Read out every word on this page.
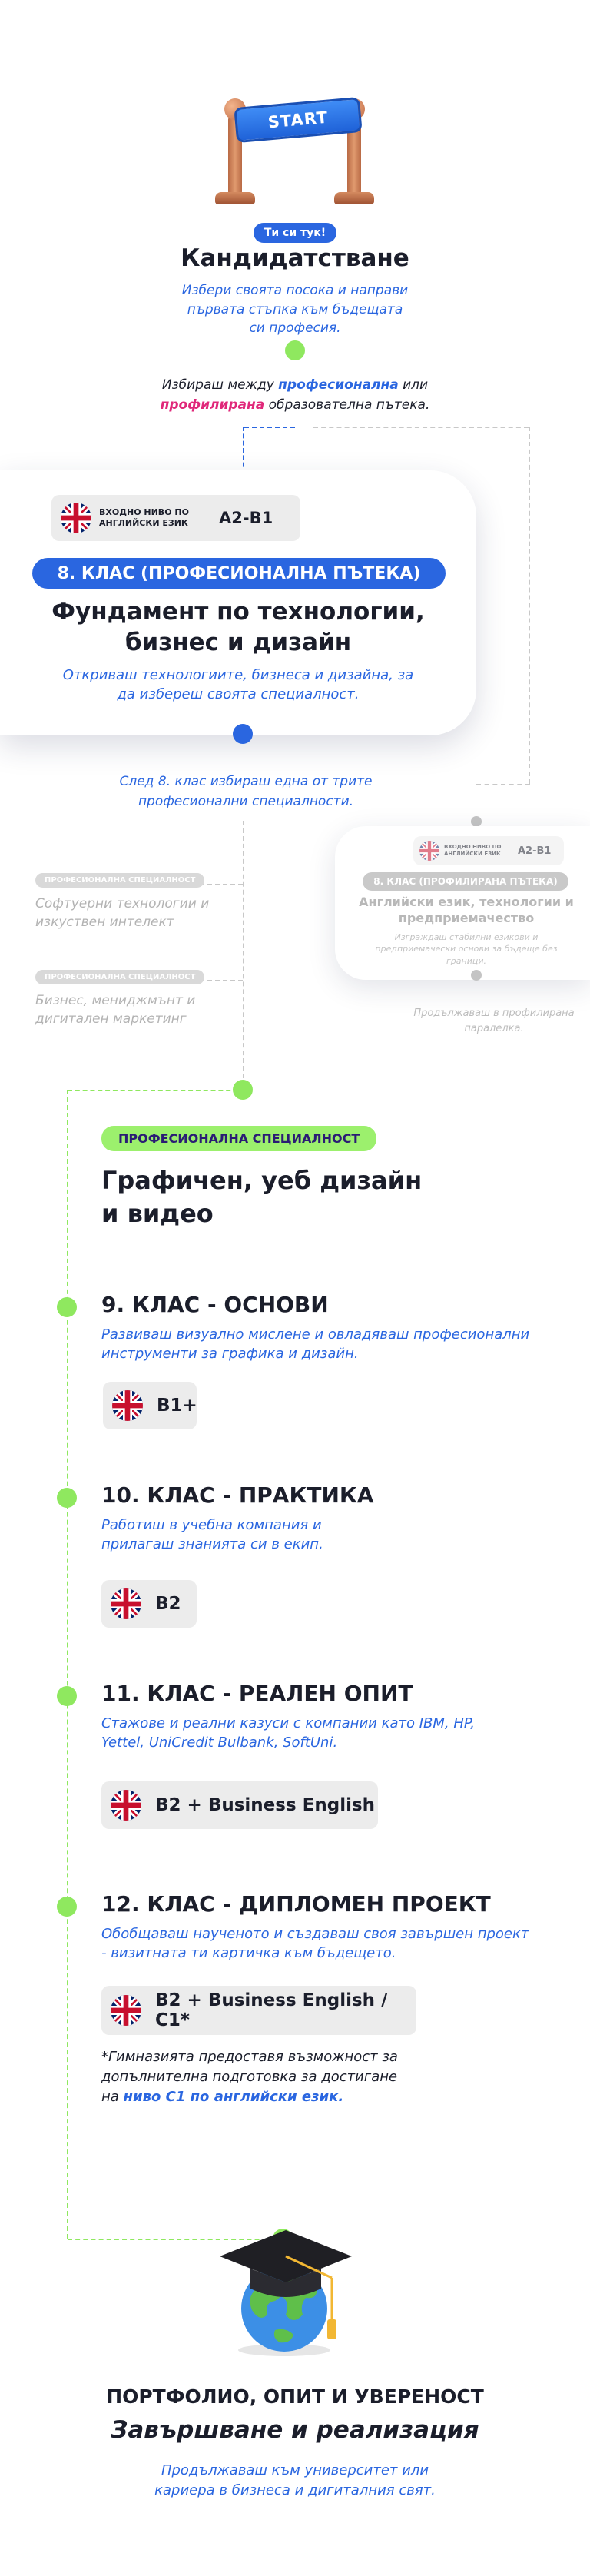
START
Ти си тук!
Кандидатстване
Избери своята посока и направи първата стъпка към бъдещата си професия.
Избираш между професионална или профилирана образователна пътека.
ВХОДНО НИВО ПО АНГЛИЙСКИ ЕЗИК	A2-B1
8. КЛАС (ПРОФЕСИОНАЛНА ПЪТЕКА)
Фундамент по технологии, бизнес и дизайн
Откриваш технологиите, бизнеса и дизайна, за да избереш своята специалност.
След 8. клас избираш една от трите професионални специалности.
ПРОФЕСИОНАЛНА СПЕЦИАЛНОСТ
Софтуерни технологии и изкуствен интелект
ПРОФЕСИОНАЛНА СПЕЦИАЛНОСТ
Бизнес, мениджмънт и дигитален маркетинг
ВХОДНО НИВО ПО АНГЛИЙСКИ ЕЗИК	A2-B1
8. КЛАС (ПРОФИЛИРАНА ПЪТЕКА)
Английски език, технологии и предприемачество
Изграждаш стабилни езикови и предприемачески основи за бъдеще без граници.
Продължаваш в профилирана паралелка.
ПРОФЕСИОНАЛНА СПЕЦИАЛНОСТ
Графичен, уеб дизайн и видео
9. КЛАС - ОСНОВИ
Развиваш визуално мислене и овладяваш професионални инструменти за графика и дизайн.
B1+
10. КЛАС - ПРАКТИКА
Работиш в учебна компания и прилагаш знанията си в екип.
B2
11. КЛАС - РЕАЛЕН ОПИТ
Стажове и реални казуси с компании като IBM, HP, Yettel, UniCredit Bulbank, SoftUni.
B2 + Business English
12. КЛАС - ДИПЛОМЕН ПРОЕКТ
Обобщаваш наученото и създаваш своя завършен проект - визитната ти картичка към бъдещето.
B2 + Business English / C1*
*Гимназията предоставя възможност за допълнителна подготовка за достигане на ниво C1 по английски език.
ПОРТФОЛИО, ОПИТ И УВЕРЕНОСТ
Завършване и реализация
Продължаваш към университет или кариера в бизнеса и дигиталния свят.
